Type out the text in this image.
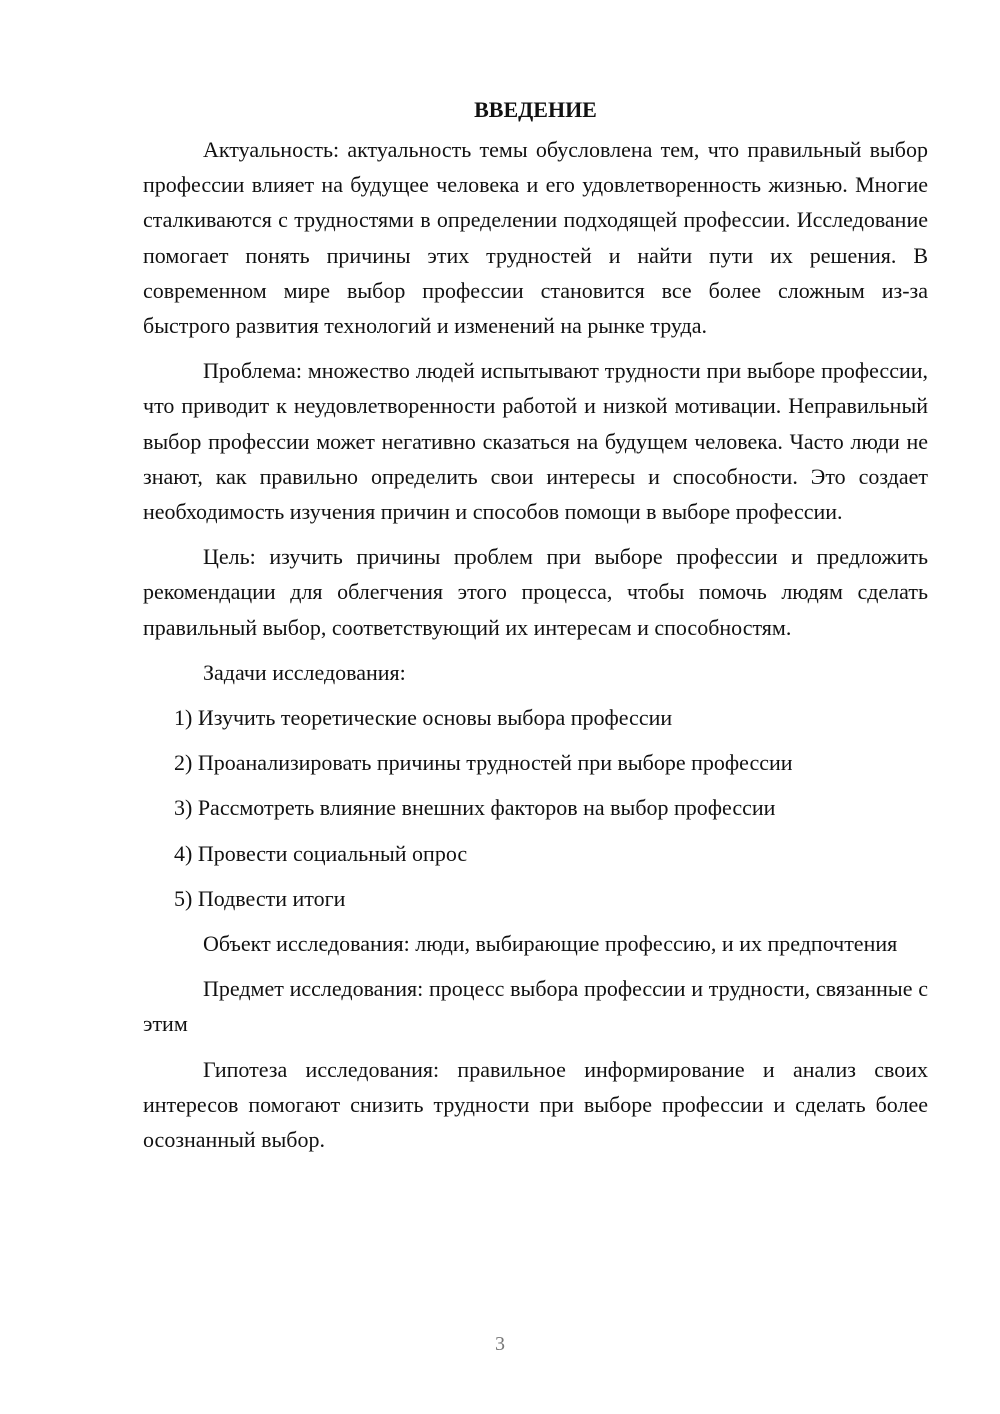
ВВЕДЕНИЕ

Актуальность: актуальность темы обусловлена тем, что правильный выбор профессии влияет на будущее человека и его удовлетворенность жизнью. Многие сталкиваются с трудностями в определении подходящей профессии. Исследование помогает понять причины этих трудностей и найти пути их решения. В современном мире выбор профессии становится все более сложным из-за быстрого развития технологий и изменений на рынке труда.

Проблема: множество людей испытывают трудности при выборе профессии, что приводит к неудовлетворенности работой и низкой мотивации. Неправильный выбор профессии может негативно сказаться на будущем человека. Часто люди не знают, как правильно определить свои интересы и способности. Это создает необходимость изучения причин и способов помощи в выборе профессии.

Цель: изучить причины проблем при выборе профессии и предложить рекомендации для облегчения этого процесса, чтобы помочь людям сделать правильный выбор, соответствующий их интересам и способностям.

Задачи исследования:

1) Изучить теоретические основы выбора профессии

2) Проанализировать причины трудностей при выборе профессии

3) Рассмотреть влияние внешних факторов на выбор профессии

4) Провести социальный опрос

5) Подвести итоги

Объект исследования: люди, выбирающие профессию, и их предпочтения

Предмет исследования: процесс выбора профессии и трудности, связанные с этим

Гипотеза исследования: правильное информирование и анализ своих интересов помогают снизить трудности при выборе профессии и сделать более осознанный выбор.

3
